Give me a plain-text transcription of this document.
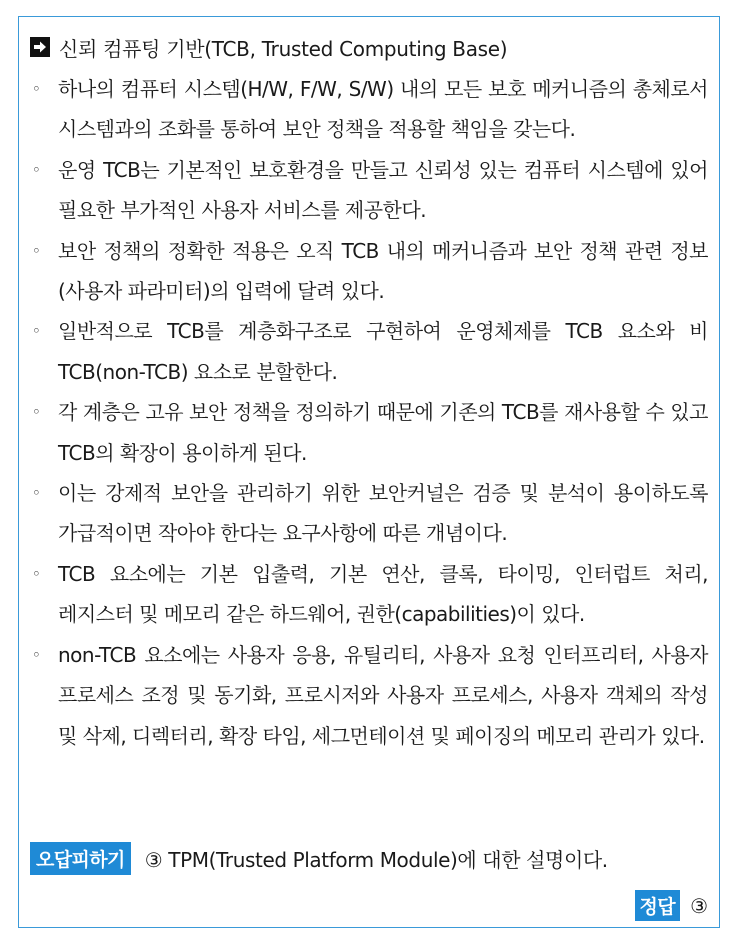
신뢰 컴퓨팅 기반(TCB, Trusted Computing Base)
◦ 하나의 컴퓨터 시스템(H/W, F/W, S/W) 내의 모든 보호 메커니즘의 총체로서 시스템과의 조화를 통하여 보안 정책을 적용할 책임을 갖는다.
◦ 운영 TCB는 기본적인 보호환경을 만들고 신뢰성 있는 컴퓨터 시스템에 있어 필요한 부가적인 사용자 서비스를 제공한다.
◦ 보안 정책의 정확한 적용은 오직 TCB 내의 메커니즘과 보안 정책 관련 정보(사용자 파라미터)의 입력에 달려 있다.
◦ 일반적으로 TCB를 계층화구조로 구현하여 운영체제를 TCB 요소와 비 TCB(non-TCB) 요소로 분할한다.
◦ 각 계층은 고유 보안 정책을 정의하기 때문에 기존의 TCB를 재사용할 수 있고 TCB의 확장이 용이하게 된다.
◦ 이는 강제적 보안을 관리하기 위한 보안커널은 검증 및 분석이 용이하도록 가급적이면 작아야 한다는 요구사항에 따른 개념이다.
◦ TCB 요소에는 기본 입출력, 기본 연산, 클록, 타이밍, 인터럽트 처리, 레지스터 및 메모리 같은 하드웨어, 권한(capabilities)이 있다.
◦ non-TCB 요소에는 사용자 응용, 유틸리티, 사용자 요청 인터프리터, 사용자 프로세스 조정 및 동기화, 프로시저와 사용자 프로세스, 사용자 객체의 작성 및 삭제, 디렉터리, 확장 타임, 세그먼테이션 및 페이징의 메모리 관리가 있다.
오답피하기	③ TPM(Trusted Platform Module)에 대한 설명이다.
정답 ③
